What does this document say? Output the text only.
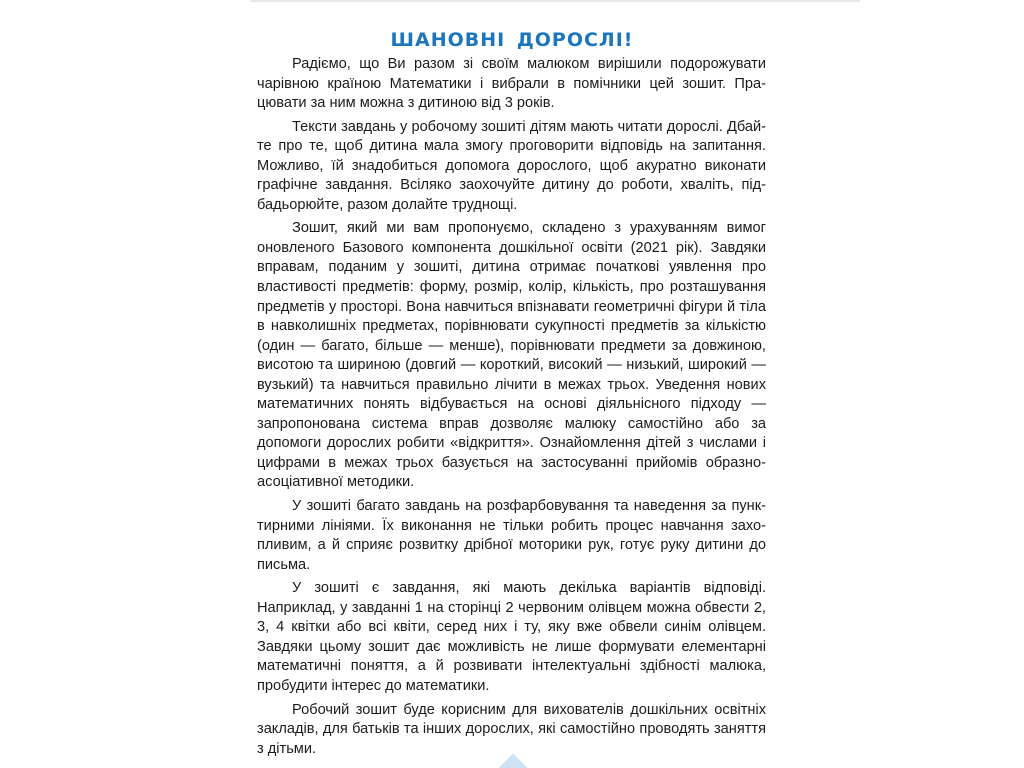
ШАНОВНІ ДОРОСЛІ!

Радіємо, що Ви разом зі своїм малюком вирішили подорожувати чарівною країною Математики і вибрали в помічники цей зошит. Працювати за ним можна з дитиною від 3 років.

Тексти завдань у робочому зошиті дітям мають читати дорослі. Дбайте про те, щоб дитина мала змогу проговорити відповідь на запитання. Можливо, їй знадобиться допомога дорослого, щоб акуратно виконати графічне завдання. Всіляко заохочуйте дитину до роботи, хваліть, підбадьорюйте, разом долайте труднощі.

Зошит, який ми вам пропонуємо, складено з урахуванням вимог оновленого Базового компонента дошкільної освіти (2021 рік). Завдяки вправам, поданим у зошиті, дитина отримає початкові уявлення про властивості предметів: форму, розмір, колір, кількість, про розташування предметів у просторі. Вона навчиться впізнавати геометричні фігури й тіла в навколишніх предметах, порівнювати сукупності предметів за кількістю (один — багато, більше — менше), порівнювати предмети за довжиною, висотою та шириною (довгий — короткий, високий — низький, широкий — вузький) та навчиться правильно лічити в межах трьох. Уведення нових математичних понять відбувається на основі діяльнісного підходу — запропонована система вправ дозволяє малюку самостійно або за допомоги дорослих робити «відкриття». Ознайомлення дітей з числами і цифрами в межах трьох базується на застосуванні прийомів образноасоціативної методики.

У зошиті багато завдань на розфарбовування та наведення за пунктирними лініями. Їх виконання не тільки робить процес навчання захопливим, а й сприяє розвитку дрібної моторики рук, готує руку дитини до письма.

У зошиті є завдання, які мають декілька варіантів відповіді. Наприклад, у завданні 1 на сторінці 2 червоним олівцем можна обвести 2, 3, 4 квітки або всі квіти, серед них і ту, яку вже обвели синім олівцем. Завдяки цьому зошит дає можливість не лише формувати елементарні математичні поняття, а й розвивати інтелектуальні здібності малюка, пробудити інтерес до математики.

Робочий зошит буде корисним для вихователів дошкільних освітніх закладів, для батьків та інших дорослих, які самостійно проводять заняття з дітьми.
